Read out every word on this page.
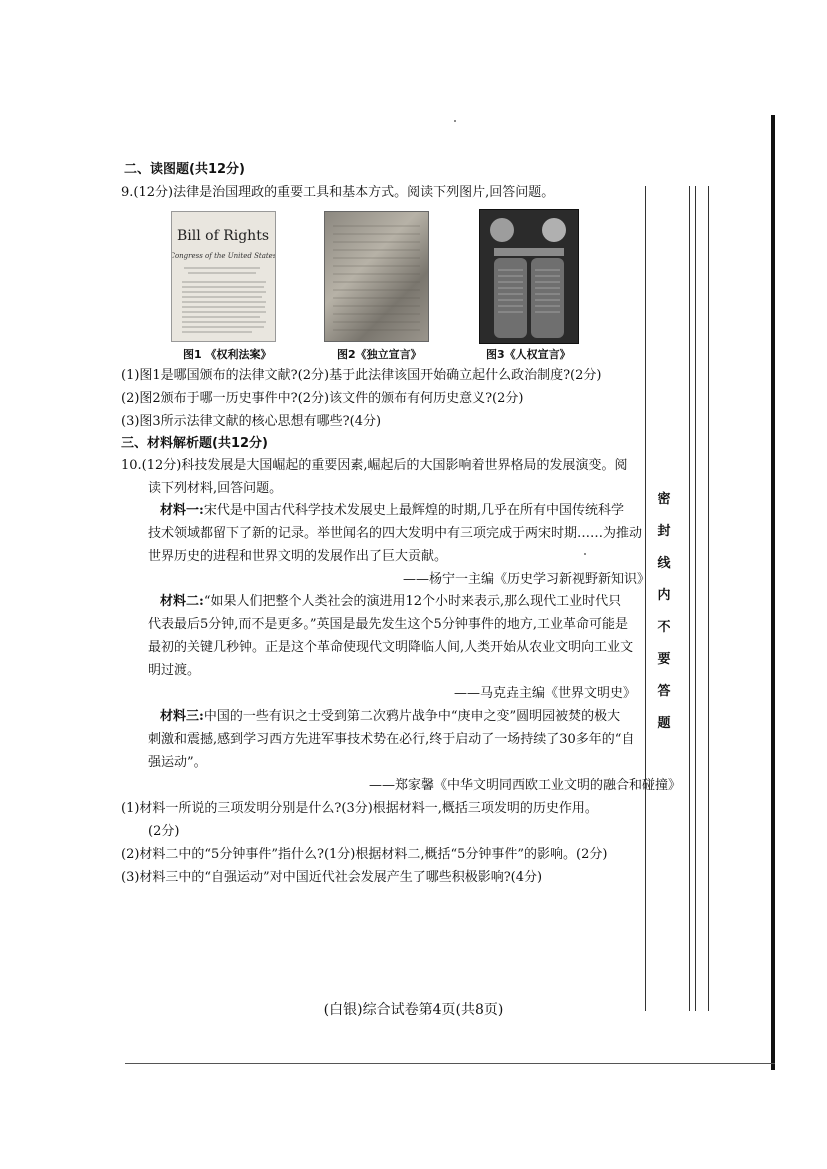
密
封
线
内
不
要
答
题
二、读图题(共12分)
9.(12分)法律是治国理政的重要工具和基本方式。阅读下列图片,回答问题。
Bill of Rights
Congress of the United States
图1 《权利法案》	图2《独立宣言》	图3《人权宣言》
(1)图1是哪国颁布的法律文献?(2分)基于此法律该国开始确立起什么政治制度?(2分)
(2)图2颁布于哪一历史事件中?(2分)该文件的颁布有何历史意义?(2分)
(3)图3所示法律文献的核心思想有哪些?(4分)
三、材料解析题(共12分)
10.(12分)科技发展是大国崛起的重要因素,崛起后的大国影响着世界格局的发展演变。阅
读下列材料,回答问题。
材料一:宋代是中国古代科学技术发展史上最辉煌的时期,几乎在所有中国传统科学
技术领域都留下了新的记录。举世闻名的四大发明中有三项完成于两宋时期……为推动
世界历史的进程和世界文明的发展作出了巨大贡献。
——杨宁一主编《历史学习新视野新知识》
材料二:“如果人们把整个人类社会的演进用12个小时来表示,那么现代工业时代只
代表最后5分钟,而不是更多。”英国是最先发生这个5分钟事件的地方,工业革命可能是
最初的关键几秒钟。正是这个革命使现代文明降临人间,人类开始从农业文明向工业文
明过渡。
——马克垚主编《世界文明史》
材料三:中国的一些有识之士受到第二次鸦片战争中“庚申之变”圆明园被焚的极大
刺激和震撼,感到学习西方先进军事技术势在必行,终于启动了一场持续了30多年的“自
强运动”。
——郑家馨《中华文明同西欧工业文明的融合和碰撞》
(1)材料一所说的三项发明分别是什么?(3分)根据材料一,概括三项发明的历史作用。
(2分)
(2)材料二中的“5分钟事件”指什么?(1分)根据材料二,概括“5分钟事件”的影响。(2分)
(3)材料三中的“自强运动”对中国近代社会发展产生了哪些积极影响?(4分)
(白银)综合试卷第4页(共8页)
